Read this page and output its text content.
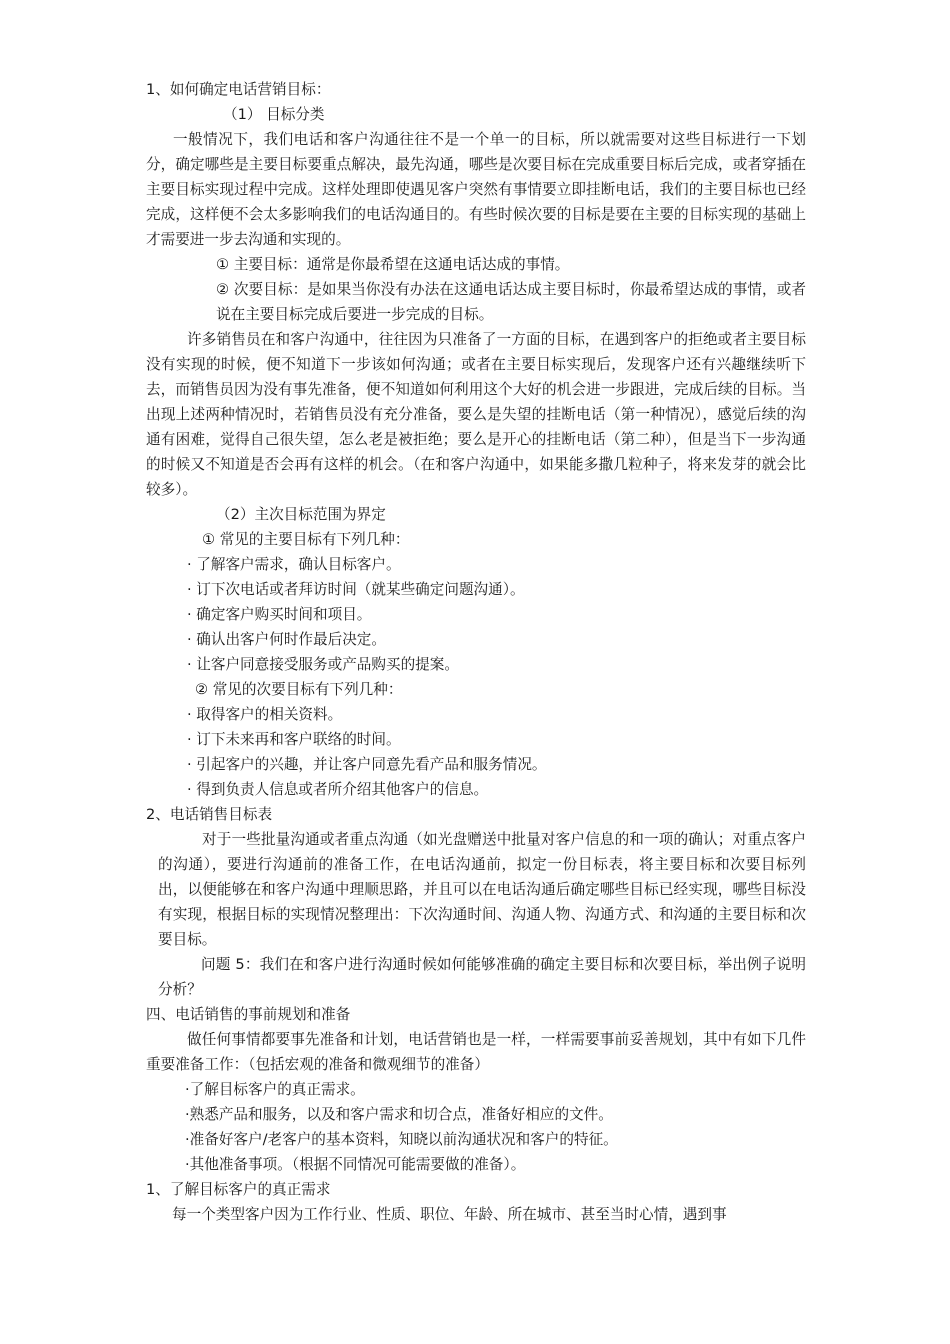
1、如何确定电话营销目标：
（1） 目标分类

一般情况下，我们电话和客户沟通往往不是一个单一的目标，所以就需要对这些目标进行一下划分，确定哪些是主要目标要重点解决，最先沟通，哪些是次要目标在完成重要目标后完成，或者穿插在主要目标实现过程中完成。这样处理即使遇见客户突然有事情要立即挂断电话，我们的主要目标也已经完成，这样便不会太多影响我们的电话沟通目的。有些时候次要的目标是要在主要的目标实现的基础上才需要进一步去沟通和实现的。

① 主要目标：通常是你最希望在这通电话达成的事情。

② 次要目标：是如果当你没有办法在这通电话达成主要目标时，你最希望达成的事情，或者说在主要目标完成后要进一步完成的目标。

许多销售员在和客户沟通中，往往因为只准备了一方面的目标，在遇到客户的拒绝或者主要目标没有实现的时候，便不知道下一步该如何沟通；或者在主要目标实现后，发现客户还有兴趣继续听下去，而销售员因为没有事先准备，便不知道如何利用这个大好的机会进一步跟进，完成后续的目标。当出现上述两种情况时，若销售员没有充分准备，要么是失望的挂断电话（第一种情况），感觉后续的沟通有困难，觉得自己很失望，怎么老是被拒绝；要么是开心的挂断电话（第二种），但是当下一步沟通的时候又不知道是否会再有这样的机会。（在和客户沟通中，如果能多撒几粒种子，将来发芽的就会比较多）。

（2）主次目标范围为界定
① 常见的主要目标有下列几种：
· 了解客户需求，确认目标客户。
· 订下次电话或者拜访时间（就某些确定问题沟通）。
· 确定客户购买时间和项目。
· 确认出客户何时作最后决定。
· 让客户同意接受服务或产品购买的提案。
② 常见的次要目标有下列几种：
· 取得客户的相关资料。
· 订下未来再和客户联络的时间。
· 引起客户的兴趣，并让客户同意先看产品和服务情况。
· 得到负责人信息或者所介绍其他客户的信息。
2、电话销售目标表

对于一些批量沟通或者重点沟通（如光盘赠送中批量对客户信息的和一项的确认；对重点客户的沟通），要进行沟通前的准备工作，在电话沟通前，拟定一份目标表，将主要目标和次要目标列出，以便能够在和客户沟通中理顺思路，并且可以在电话沟通后确定哪些目标已经实现，哪些目标没有实现，根据目标的实现情况整理出：下次沟通时间、沟通人物、沟通方式、和沟通的主要目标和次要目标。

问题 5：我们在和客户进行沟通时候如何能够准确的确定主要目标和次要目标，举出例子说明分析？

四、电话销售的事前规划和准备

做任何事情都要事先准备和计划，电话营销也是一样，一样需要事前妥善规划，其中有如下几件重要准备工作：（包括宏观的准备和微观细节的准备）

·了解目标客户的真正需求。
·熟悉产品和服务，以及和客户需求和切合点，准备好相应的文件。
·准备好客户/老客户的基本资料，知晓以前沟通状况和客户的特征。
·其他准备事项。（根据不同情况可能需要做的准备）。
1、了解目标客户的真正需求
每一个类型客户因为工作行业、性质、职位、年龄、所在城市、甚至当时心情，遇到事
